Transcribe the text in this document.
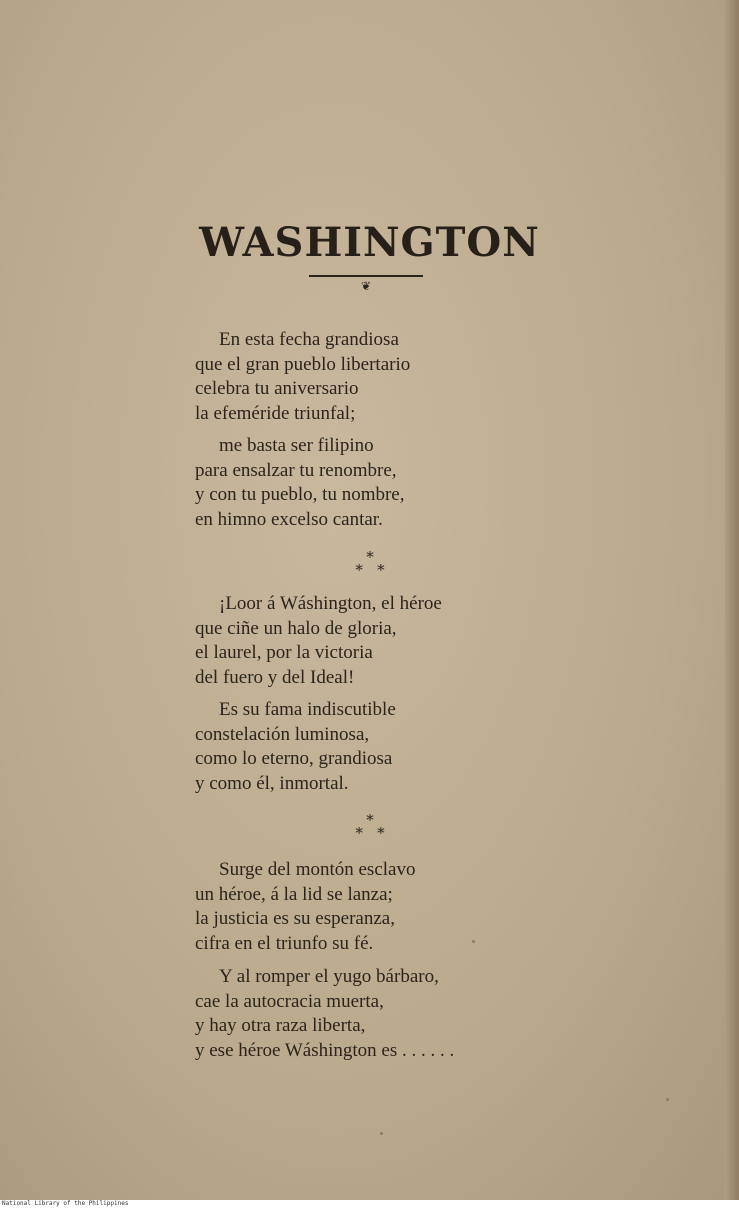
WASHINGTON
❦
En esta fecha grandiosa
que el gran pueblo libertario
celebra tu aniversario
la efeméride triunfal;
me basta ser filipino
para ensalzar tu renombre,
y con tu pueblo, tu nombre,
en himno excelso cantar.
*
*   *
¡Loor á Wáshington, el héroe
que ciñe un halo de gloria,
el laurel, por la victoria
del fuero y del Ideal!
Es su fama indiscutible
constelación luminosa,
como lo eterno, grandiosa
y como él, inmortal.
*
*   *
Surge del montón esclavo
un héroe, á la lid se lanza;
la justicia es su esperanza,
cifra en el triunfo su fé.
Y al romper el yugo bárbaro,
cae la autocracia muerta,
y hay otra raza liberta,
y ese héroe Wáshington es . . . . . .
National Library of the Philippines
